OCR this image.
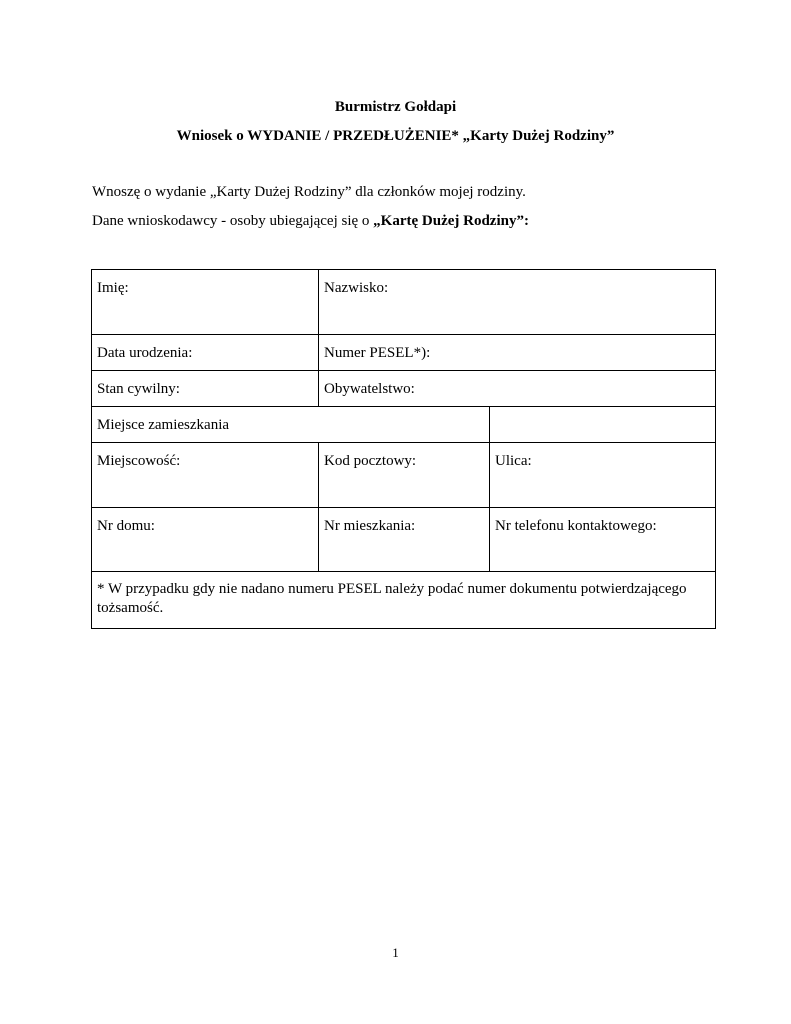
Burmistrz Gołdapi

Wniosek o WYDANIE / PRZEDŁUŻENIE* „Karty Dużej Rodziny”

Wnoszę o wydanie „Karty Dużej Rodziny” dla członków mojej rodziny.

Dane wnioskodawcy - osoby ubiegającej się o „Kartę Dużej Rodziny”:

Imię:	Nazwisko:	
Data urodzenia:	Numer PESEL*):	
Stan cywilny:	Obywatelstwo:	
Miejsce zamieszkania		
Miejscowość:	Kod pocztowy:	Ulica:
Nr domu:	Nr mieszkania:	Nr telefonu kontaktowego:
* W przypadku gdy nie nadano numeru PESEL należy podać numer dokumentu potwierdzającego tożsamość.		

1
